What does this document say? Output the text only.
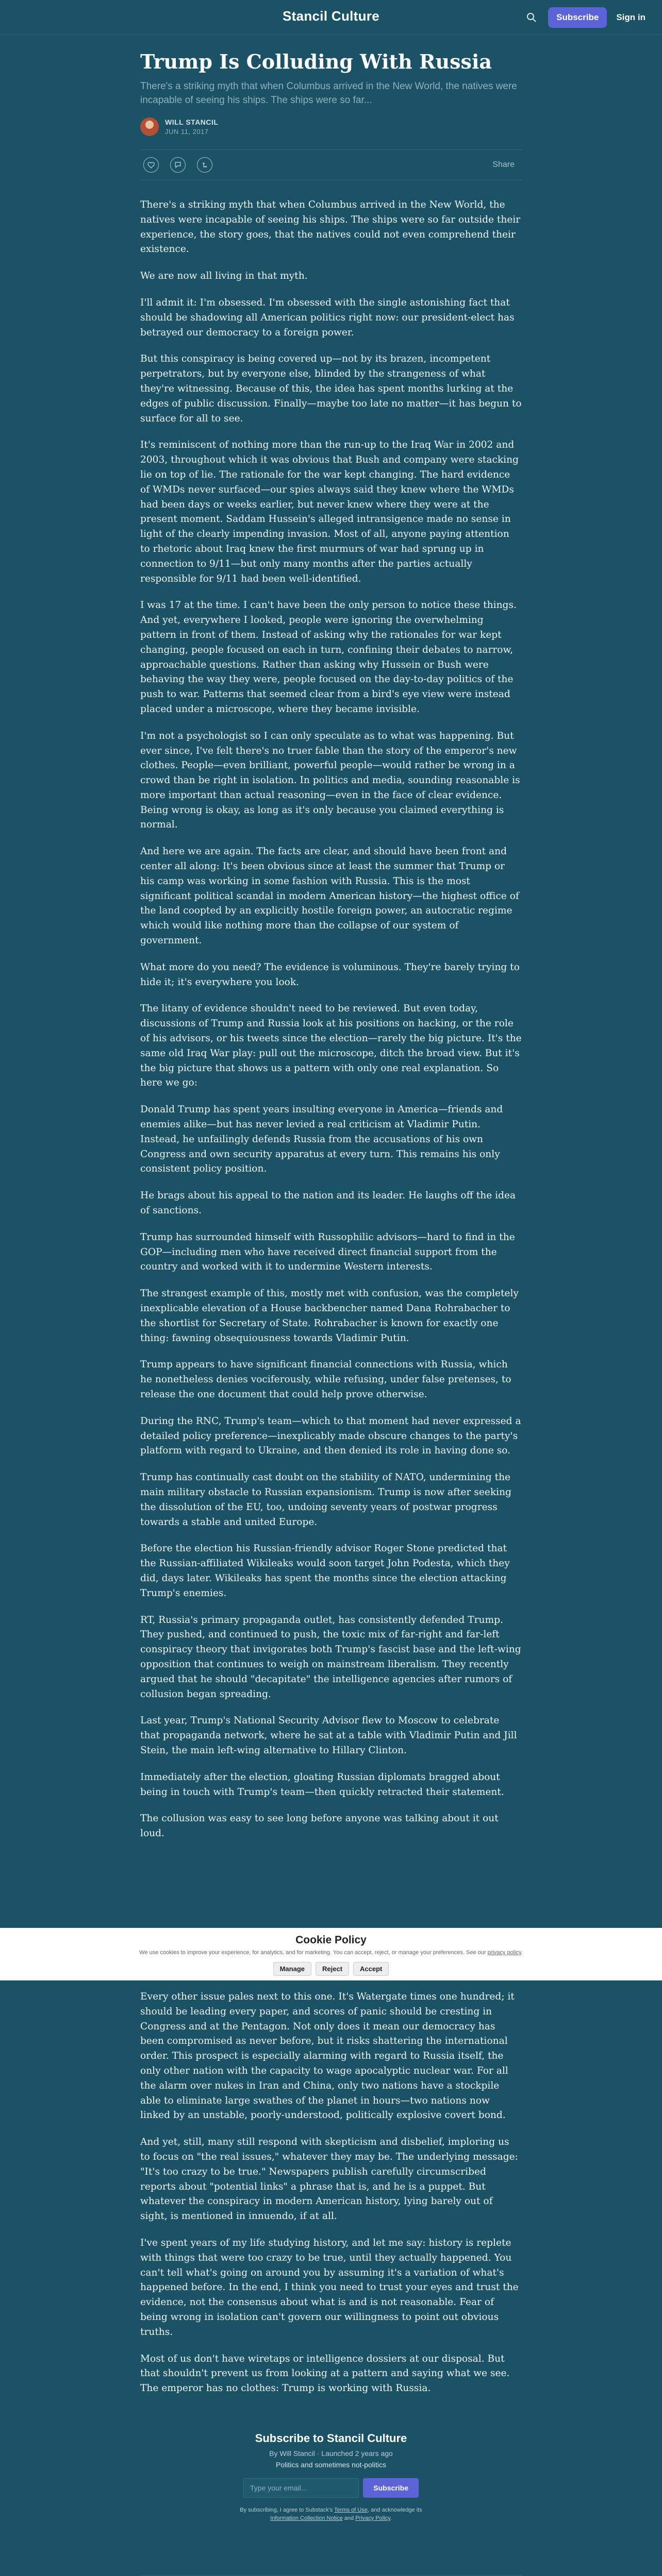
Stancil Culture	Subscribe	Sign in
Trump Is Colluding With Russia
There's a striking myth that when Columbus arrived in the New World, the natives were incapable of seeing his ships. The ships were so far...
WILL STANCIL
JUN 11, 2017
Share

There's a striking myth that when Columbus arrived in the New World, the natives were incapable of seeing his ships. The ships were so far outside their experience, the story goes, that the natives could not even comprehend their existence.

We are now all living in that myth.

I'll admit it: I'm obsessed. I'm obsessed with the single astonishing fact that should be shadowing all American politics right now: our president-elect has betrayed our democracy to a foreign power.

But this conspiracy is being covered up—not by its brazen, incompetent perpetrators, but by everyone else, blinded by the strangeness of what they're witnessing. Because of this, the idea has spent months lurking at the edges of public discussion. Finally—maybe too late no matter—it has begun to surface for all to see.

It's reminiscent of nothing more than the run-up to the Iraq War in 2002 and 2003, throughout which it was obvious that Bush and company were stacking lie on top of lie. The rationale for the war kept changing. The hard evidence of WMDs never surfaced—our spies always said they knew where the WMDs had been days or weeks earlier, but never knew where they were at the present moment. Saddam Hussein's alleged intransigence made no sense in light of the clearly impending invasion. Most of all, anyone paying attention to rhetoric about Iraq knew the first murmurs of war had sprung up in connection to 9/11—but only many months after the parties actually responsible for 9/11 had been well-identified.

I was 17 at the time. I can't have been the only person to notice these things. And yet, everywhere I looked, people were ignoring the overwhelming pattern in front of them. Instead of asking why the rationales for war kept changing, people focused on each in turn, confining their debates to narrow, approachable questions. Rather than asking why Hussein or Bush were behaving the way they were, people focused on the day-to-day politics of the push to war. Patterns that seemed clear from a bird's eye view were instead placed under a microscope, where they became invisible.

I'm not a psychologist so I can only speculate as to what was happening. But ever since, I've felt there's no truer fable than the story of the emperor's new clothes. People—even brilliant, powerful people—would rather be wrong in a crowd than be right in isolation. In politics and media, sounding reasonable is more important than actual reasoning—even in the face of clear evidence. Being wrong is okay, as long as it's only because you claimed everything is normal.

And here we are again. The facts are clear, and should have been front and center all along: It's been obvious since at least the summer that Trump or his camp was working in some fashion with Russia. This is the most significant political scandal in modern American history—the highest office of the land coopted by an explicitly hostile foreign power, an autocratic regime which would like nothing more than the collapse of our system of government.

What more do you need? The evidence is voluminous. They're barely trying to hide it; it's everywhere you look.

The litany of evidence shouldn't need to be reviewed. But even today, discussions of Trump and Russia look at his positions on hacking, or the role of his advisors, or his tweets since the election—rarely the big picture. It's the same old Iraq War play: pull out the microscope, ditch the broad view. But it's the big picture that shows us a pattern with only one real explanation. So here we go:

Donald Trump has spent years insulting everyone in America—friends and enemies alike—but has never levied a real criticism at Vladimir Putin. Instead, he unfailingly defends Russia from the accusations of his own Congress and own security apparatus at every turn. This remains his only consistent policy position.

He brags about his appeal to the nation and its leader. He laughs off the idea of sanctions.

Trump has surrounded himself with Russophilic advisors—hard to find in the GOP—including men who have received direct financial support from the country and worked with it to undermine Western interests.

The strangest example of this, mostly met with confusion, was the completely inexplicable elevation of a House backbencher named Dana Rohrabacher to the shortlist for Secretary of State. Rohrabacher is known for exactly one thing: fawning obsequiousness towards Vladimir Putin.

Trump appears to have significant financial connections with Russia, which he nonetheless denies vociferously, while refusing, under false pretenses, to release the one document that could help prove otherwise.

During the RNC, Trump's team—which to that moment had never expressed a detailed policy preference—inexplicably made obscure changes to the party's platform with regard to Ukraine, and then denied its role in having done so.

Trump has continually cast doubt on the stability of NATO, undermining the main military obstacle to Russian expansionism. Trump is now after seeking the dissolution of the EU, too, undoing seventy years of postwar progress towards a stable and united Europe.

Before the election his Russian-friendly advisor Roger Stone predicted that the Russian-affiliated Wikileaks would soon target John Podesta, which they did, days later. Wikileaks has spent the months since the election attacking Trump's enemies.

RT, Russia's primary propaganda outlet, has consistently defended Trump. They pushed, and continued to push, the toxic mix of far-right and far-left conspiracy theory that invigorates both Trump's fascist base and the left-wing opposition that continues to weigh on mainstream liberalism. They recently argued that he should "decapitate" the intelligence agencies after rumors of collusion began spreading.

Last year, Trump's National Security Advisor flew to Moscow to celebrate that propaganda network, where he sat at a table with Vladimir Putin and Jill Stein, the main left-wing alternative to Hillary Clinton.

Immediately after the election, gloating Russian diplomats bragged about being in touch with Trump's team—then quickly retracted their statement.

The collusion was easy to see long before anyone was talking about it out loud.

Cookie Policy
We use cookies to improve your experience, for analytics, and for marketing. You can accept, reject, or manage your preferences. See our privacy policy.
Manage	Reject	Accept

Every other issue pales next to this one. It's Watergate times one hundred; it should be leading every paper, and scores of panic should be cresting in Congress and at the Pentagon. Not only does it mean our democracy has been compromised as never before, but it risks shattering the international order. This prospect is especially alarming with regard to Russia itself, the only other nation with the capacity to wage apocalyptic nuclear war. For all the alarm over nukes in Iran and China, only two nations have a stockpile able to eliminate large swathes of the planet in hours—two nations now linked by an unstable, poorly-understood, politically explosive covert bond.

And yet, still, many still respond with skepticism and disbelief, imploring us to focus on "the real issues," whatever they may be. The underlying message: "It's too crazy to be true." Newspapers publish carefully circumscribed reports about "potential links" a phrase that is, and he is a puppet. But whatever the conspiracy in modern American history, lying barely out of sight, is mentioned in innuendo, if at all.

I've spent years of my life studying history, and let me say: history is replete with things that were too crazy to be true, until they actually happened. You can't tell what's going on around you by assuming it's a variation of what's happened before. In the end, I think you need to trust your eyes and trust the evidence, not the consensus about what is and is not reasonable. Fear of being wrong in isolation can't govern our willingness to point out obvious truths.

Most of us don't have wiretaps or intelligence dossiers at our disposal. But that shouldn't prevent us from looking at a pattern and saying what we see. The emperor has no clothes: Trump is working with Russia.

Subscribe to Stancil Culture
By Will Stancil · Launched 2 years ago
Politics and sometimes not-politics
Type your email...
Subscribe
By subscribing, I agree to Substack's Terms of Use, and acknowledge its Information Collection Notice and Privacy Policy.
